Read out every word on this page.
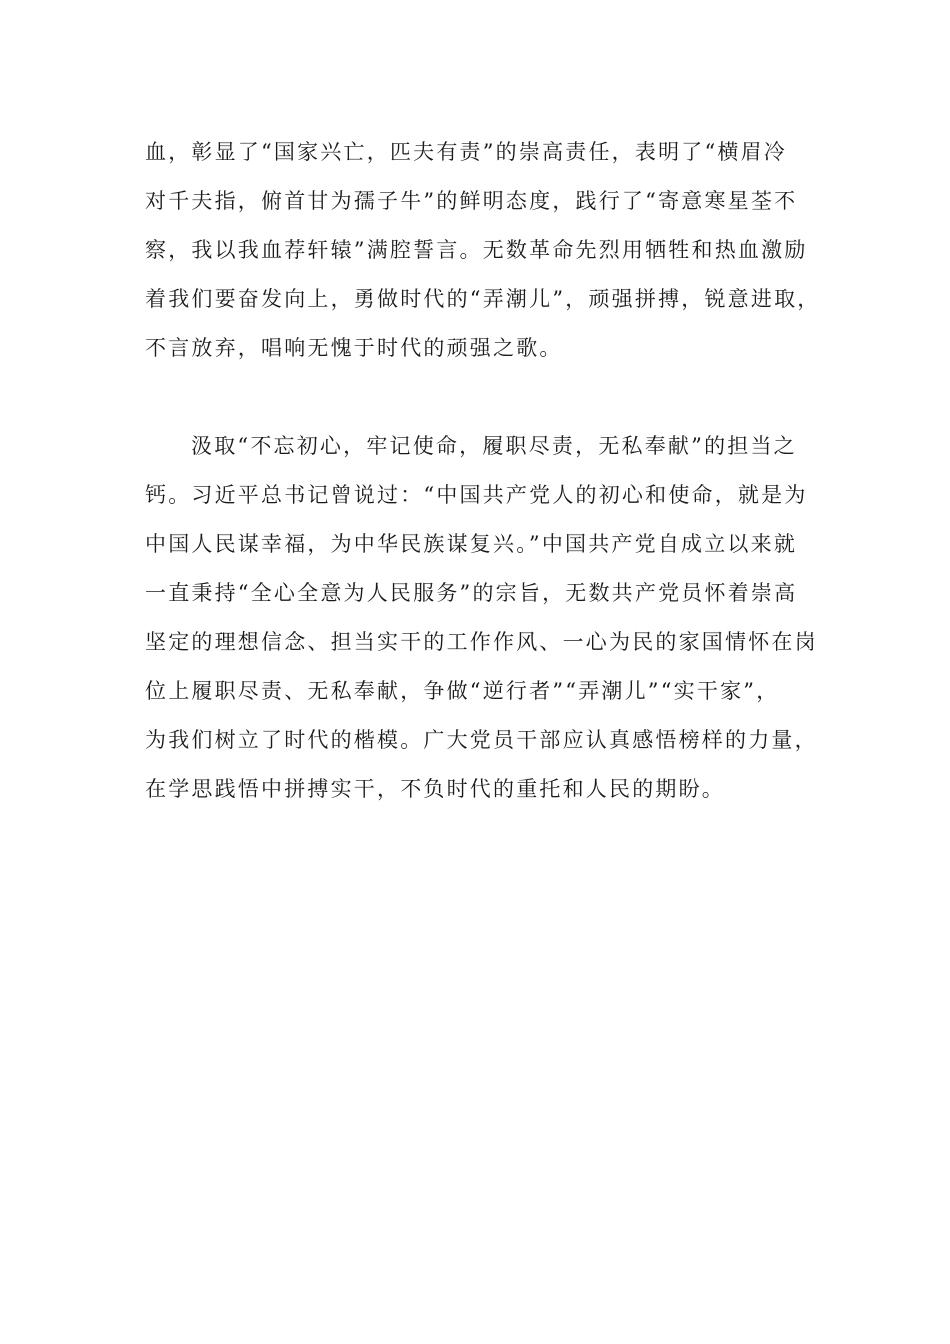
血，彰显了“国家兴亡，匹夫有责”的崇高责任，表明了“横眉冷
对千夫指，俯首甘为孺子牛”的鲜明态度，践行了“寄意寒星荃不
察，我以我血荐轩辕”满腔誓言。无数革命先烈用牺牲和热血激励
着我们要奋发向上，勇做时代的“弄潮儿”，顽强拼搏，锐意进取，
不言放弃，唱响无愧于时代的顽强之歌。
汲取“不忘初心，牢记使命，履职尽责，无私奉献”的担当之
钙。习近平总书记曾说过：“中国共产党人的初心和使命，就是为
中国人民谋幸福，为中华民族谋复兴。”中国共产党自成立以来就
一直秉持“全心全意为人民服务”的宗旨，无数共产党员怀着崇高
坚定的理想信念、担当实干的工作作风、一心为民的家国情怀在岗
位上履职尽责、无私奉献，争做“逆行者”“弄潮儿”“实干家”，
为我们树立了时代的楷模。广大党员干部应认真感悟榜样的力量，
在学思践悟中拼搏实干，不负时代的重托和人民的期盼。
